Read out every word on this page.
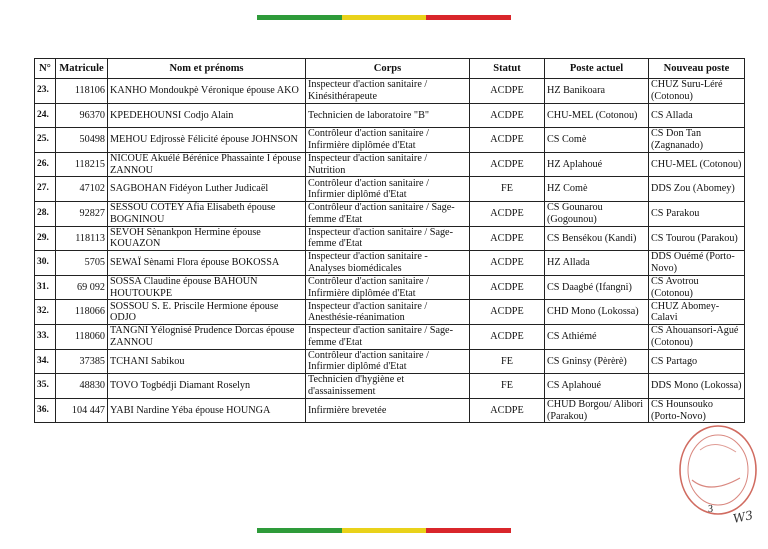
N°	Matricule	Nom et prénoms	Corps	Statut	Poste actuel	Nouveau poste
23.	118106	KANHO Mondoukpè Véronique épouse AKO	Inspecteur d'action sanitaire / Kinésithérapeute	ACDPE	HZ Banikoara	CHUZ Suru-Léré (Cotonou)
24.	96370	KPEDEHOUNSI Codjo Alain	Technicien de laboratoire "B"	ACDPE	CHU-MEL (Cotonou)	CS Allada
25.	50498	MEHOU Edjrossè Félicité épouse JOHNSON	Contrôleur d'action sanitaire / Infirmière diplômée d'Etat	ACDPE	CS Comè	CS Don Tan (Zagnanado)
26.	118215	NICOUE Akuélé Bérénice Phassainte I épouse ZANNOU	Inspecteur d'action sanitaire / Nutrition	ACDPE	HZ Aplahoué	CHU-MEL (Cotonou)
27.	47102	SAGBOHAN Fidéyon Luther Judicaël	Contrôleur d'action sanitaire / Infirmier diplômé d'Etat	FE	HZ Comè	DDS Zou (Abomey)
28.	92827	SESSOU COTEY Afia Elisabeth épouse BOGNINOU	Contrôleur d'action sanitaire / Sage-femme d'Etat	ACDPE	CS Gounarou (Gogounou)	CS Parakou
29.	118113	SEVOH Sènankpon Hermine épouse KOUAZON	Inspecteur d'action sanitaire / Sage-femme d'Etat	ACDPE	CS Bensékou (Kandi)	CS Tourou (Parakou)
30.	5705	SEWAÏ Sènami Flora épouse BOKOSSA	Inspecteur d'action sanitaire - Analyses biomédicales	ACDPE	HZ Allada	DDS Ouémé (Porto-Novo)
31.	69 092	SOSSA Claudine épouse BAHOUN HOUTOUKPE	Contrôleur d'action sanitaire / Infirmière diplômée d'Etat	ACDPE	CS Daagbé (Ifangni)	CS Avotrou (Cotonou)
32.	118066	SOSSOU S. E. Priscile Hermione épouse ODJO	Inspecteur d'action sanitaire / Anesthésie-réanimation	ACDPE	CHD Mono (Lokossa)	CHUZ Abomey-Calavi
33.	118060	TANGNI Yélognisé Prudence Dorcas épouse ZANNOU	Inspecteur d'action sanitaire / Sage-femme d'Etat	ACDPE	CS Athiémé	CS Ahouansori-Agué (Cotonou)
34.	37385	TCHANI Sabikou	Contrôleur d'action sanitaire / Infirmier diplômé d'Etat	FE	CS Gninsy (Pèrèrè)	CS Partago
35.	48830	TOVO Togbédji Diamant Roselyn	Technicien d'hygiène et d'assainissement	FE	CS Aplahoué	DDS Mono (Lokossa)
36.	104 447	YABI Nardine Yéba épouse HOUNGA	Infirmière brevetée	ACDPE	CHUD Borgou/ Alibori (Parakou)	CS Hounsouko (Porto-Novo)
3 W3
